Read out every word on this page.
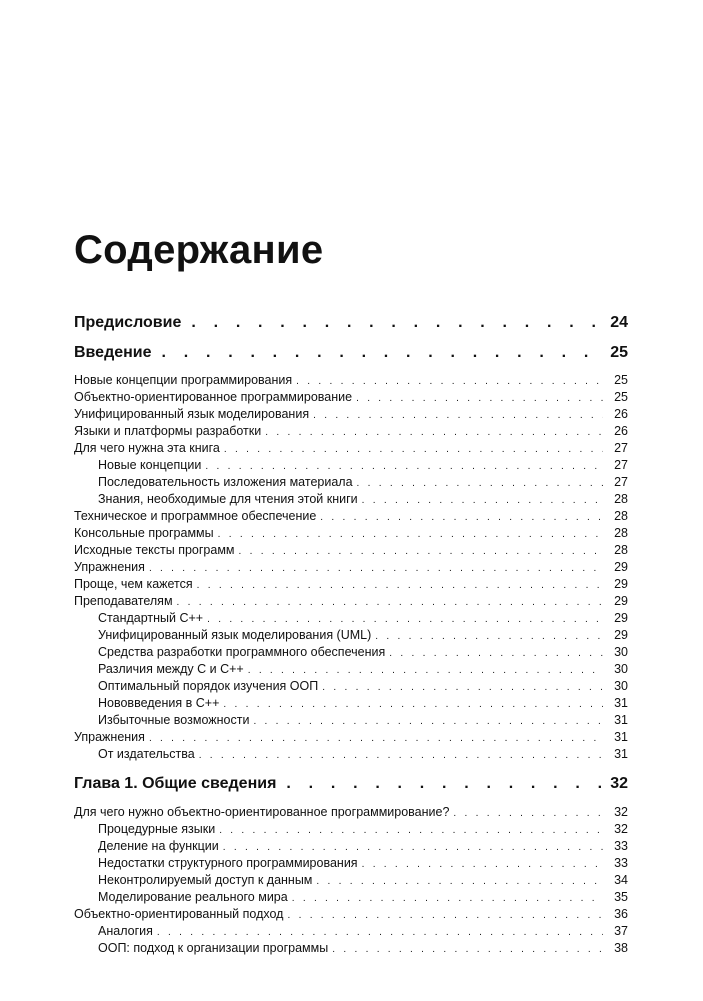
Содержание
Предисловие .	24
Введение .	25
Новые концепции программирования . .	25
Объектно-ориентированное программирование . .	25
Унифицированный язык моделирования . .	26
Языки и платформы разработки . .	26
Для чего нужна эта книга . .	27
Новые концепции . .	27
Последовательность изложения материала . .	27
Знания, необходимые для чтения этой книги . .	28
Техническое и программное обеспечение . .	28
Консольные программы . .	28
Исходные тексты программ . .	28
Упражнения . .	29
Проще, чем кажется . .	29
Преподавателям . .	29
Стандартный С++ . .	29
Унифицированный язык моделирования (UML) . .	29
Средства разработки программного обеспечения . .	30
Различия между С и С++ . .	30
Оптимальный порядок изучения ООП . .	30
Нововведения в С++ . .	31
Избыточные возможности . .	31
Упражнения . .	31
От издательства . .	31
Глава 1. Общие сведения .	32
Для чего нужно объектно-ориентированное программирование? . .	32
Процедурные языки . .	32
Деление на функции . .	33
Недостатки структурного программирования . .	33
Неконтролируемый доступ к данным . .	34
Моделирование реального мира . .	35
Объектно-ориентированный подход . .	36
Аналогия . .	37
ООП: подход к организации программы . .	38
